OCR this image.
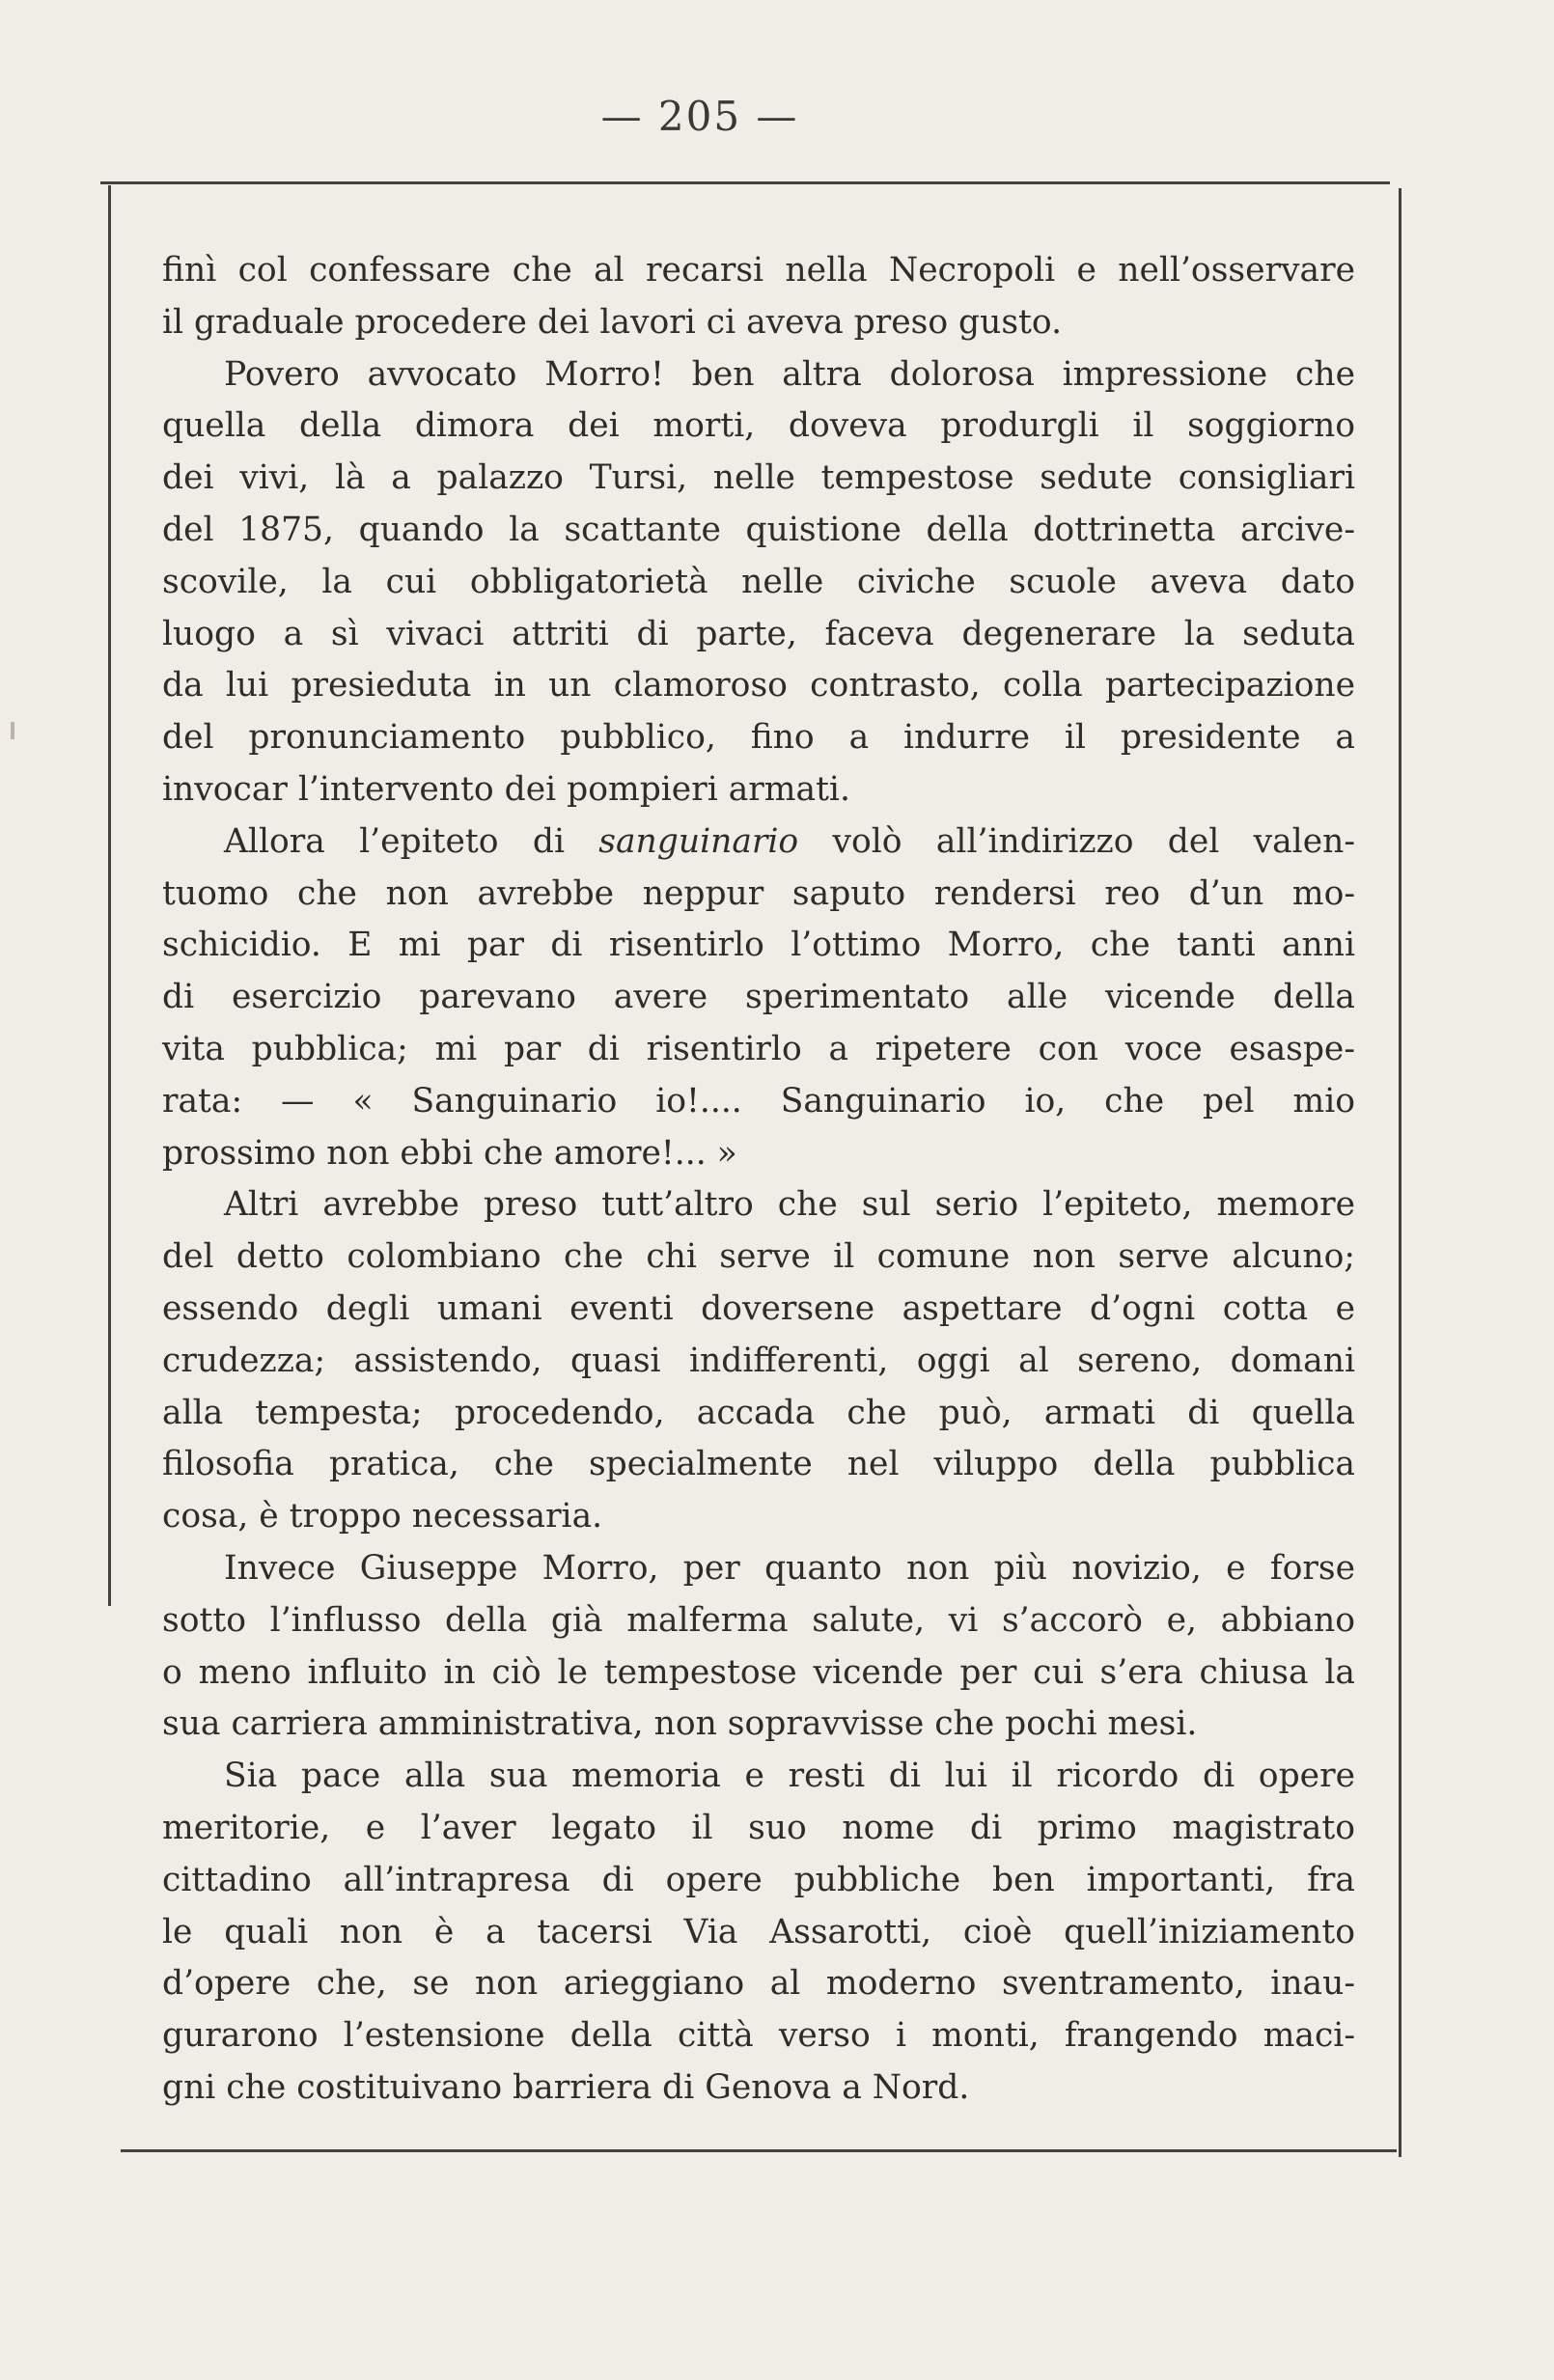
— 205 —
finì col confessare che al recarsi nella Necropoli e nell’osservare
il graduale procedere dei lavori ci aveva preso gusto.
Povero avvocato Morro! ben altra dolorosa impressione che
quella della dimora dei morti, doveva produrgli il soggiorno
dei vivi, là a palazzo Tursi, nelle tempestose sedute consigliari
del 1875, quando la scattante quistione della dottrinetta arcive-
scovile, la cui obbligatorietà nelle civiche scuole aveva dato
luogo a sì vivaci attriti di parte, faceva degenerare la seduta
da lui presieduta in un clamoroso contrasto, colla partecipazione
del pronunciamento pubblico, fino a indurre il presidente a
invocar l’intervento dei pompieri armati.
Allora l’epiteto di sanguinario volò all’indirizzo del valen-
tuomo che non avrebbe neppur saputo rendersi reo d’un mo-
schicidio. E mi par di risentirlo l’ottimo Morro, che tanti anni
di esercizio parevano avere sperimentato alle vicende della
vita pubblica; mi par di risentirlo a ripetere con voce esaspe-
rata: — « Sanguinario io!.... Sanguinario io, che pel mio
prossimo non ebbi che amore!... »
Altri avrebbe preso tutt’altro che sul serio l’epiteto, memore
del detto colombiano che chi serve il comune non serve alcuno;
essendo degli umani eventi doversene aspettare d’ogni cotta e
crudezza; assistendo, quasi indifferenti, oggi al sereno, domani
alla tempesta; procedendo, accada che può, armati di quella
filosofia pratica, che specialmente nel viluppo della pubblica
cosa, è troppo necessaria.
Invece Giuseppe Morro, per quanto non più novizio, e forse
sotto l’influsso della già malferma salute, vi s’accorò e, abbiano
o meno influito in ciò le tempestose vicende per cui s’era chiusa la
sua carriera amministrativa, non sopravvisse che pochi mesi.
Sia pace alla sua memoria e resti di lui il ricordo di opere
meritorie, e l’aver legato il suo nome di primo magistrato
cittadino all’intrapresa di opere pubbliche ben importanti, fra
le quali non è a tacersi Via Assarotti, cioè quell’iniziamento
d’opere che, se non arieggiano al moderno sventramento, inau-
gurarono l’estensione della città verso i monti, frangendo maci-
gni che costituivano barriera di Genova a Nord.
